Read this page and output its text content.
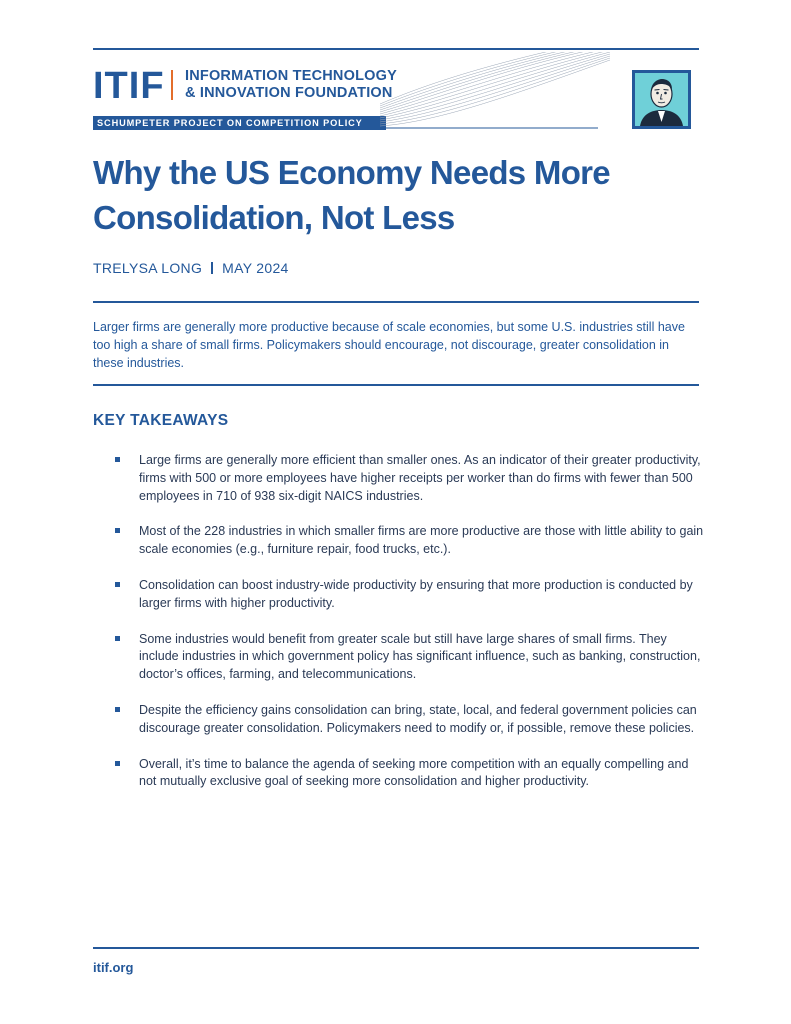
ITIF INFORMATION TECHNOLOGY
& INNOVATION FOUNDATION
SCHUMPETER PROJECT ON COMPETITION POLICY
Why the US Economy Needs More
Consolidation, Not Less
TRELYSA LONG MAY 2024

Larger firms are generally more productive because of scale economies, but some U.S. industries still have too high a share of small firms. Policymakers should encourage, not discourage, greater consolidation in these industries.

KEY TAKEAWAYS
Large firms are generally more efficient than smaller ones. As an indicator of their greater productivity, firms with 500 or more employees have higher receipts per worker than do firms with fewer than 500 employees in 710 of 938 six-digit NAICS industries.
Most of the 228 industries in which smaller firms are more productive are those with little ability to gain scale economies (e.g., furniture repair, food trucks, etc.).
Consolidation can boost industry-wide productivity by ensuring that more production is conducted by larger firms with higher productivity.
Some industries would benefit from greater scale but still have large shares of small firms. They include industries in which government policy has significant influence, such as banking, construction, doctor’s offices, farming, and telecommunications.
Despite the efficiency gains consolidation can bring, state, local, and federal government policies can discourage greater consolidation. Policymakers need to modify or, if possible, remove these policies.
Overall, it’s time to balance the agenda of seeking more competition with an equally compelling and not mutually exclusive goal of seeking more consolidation and higher productivity.
itif.org
